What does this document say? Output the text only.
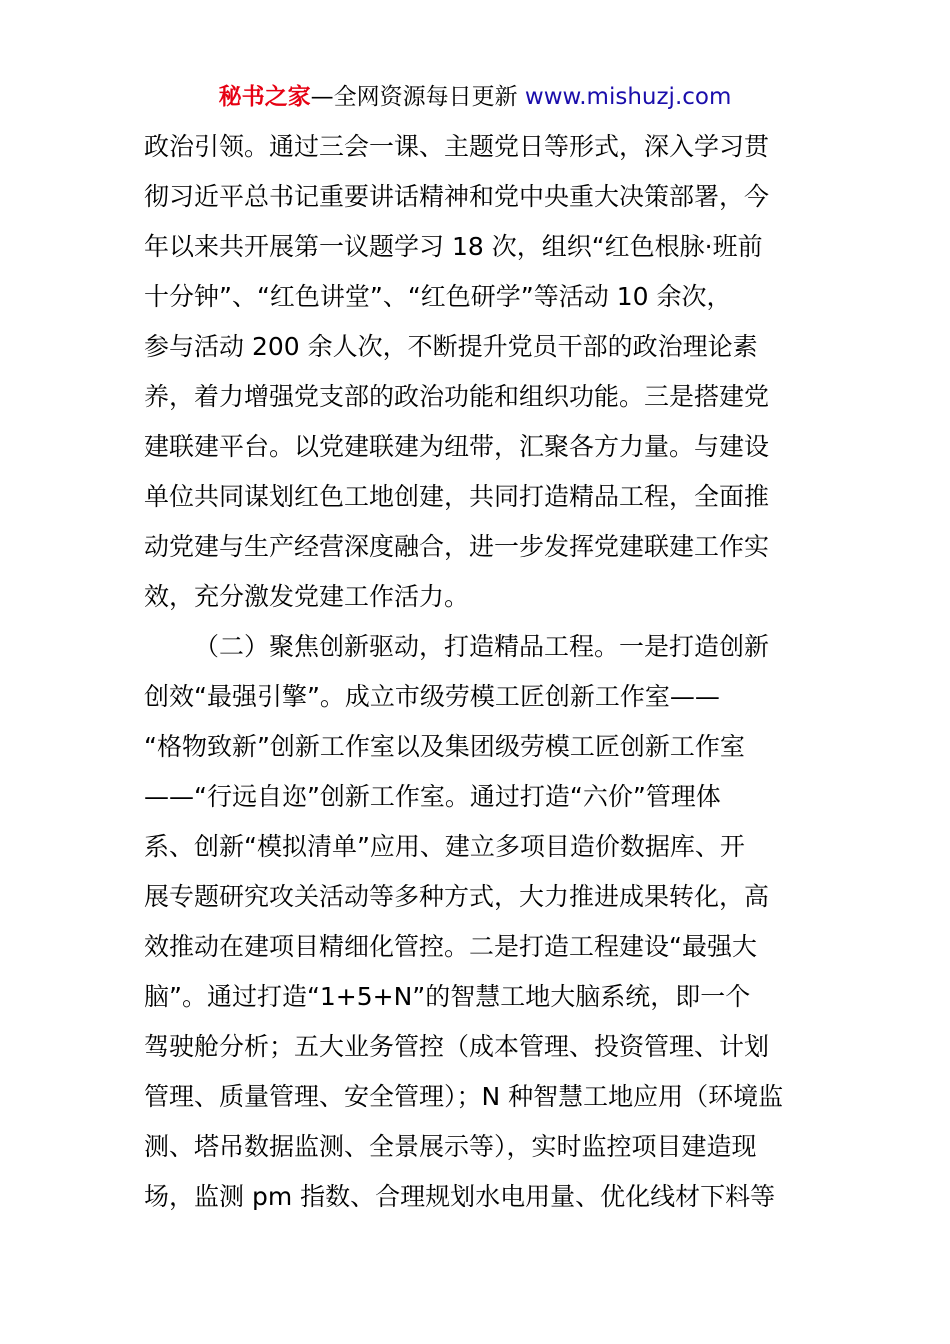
秘书之家—全网资源每日更新 www.mishuzj.com
政治引领。通过三会一课、主题党日等形式，深入学习贯
彻习近平总书记重要讲话精神和党中央重大决策部署，今
年以来共开展第一议题学习 18 次，组织“红色根脉·班前
十分钟”、“红色讲堂”、“红色研学”等活动 10 余次，
参与活动 200 余人次，不断提升党员干部的政治理论素
养，着力增强党支部的政治功能和组织功能。三是搭建党
建联建平台。以党建联建为纽带，汇聚各方力量。与建设
单位共同谋划红色工地创建，共同打造精品工程，全面推
动党建与生产经营深度融合，进一步发挥党建联建工作实
效，充分激发党建工作活力。
（二）聚焦创新驱动，打造精品工程。一是打造创新
创效“最强引擎”。成立市级劳模工匠创新工作室——
“格物致新”创新工作室以及集团级劳模工匠创新工作室
——“行远自迩”创新工作室。通过打造“六价”管理体
系、创新“模拟清单”应用、建立多项目造价数据库、开
展专题研究攻关活动等多种方式，大力推进成果转化，高
效推动在建项目精细化管控。二是打造工程建设“最强大
脑”。通过打造“1+5+N”的智慧工地大脑系统，即一个
驾驶舱分析；五大业务管控（成本管理、投资管理、计划
管理、质量管理、安全管理）；N 种智慧工地应用（环境监
测、塔吊数据监测、全景展示等），实时监控项目建造现
场，监测 pm 指数、合理规划水电用量、优化线材下料等
